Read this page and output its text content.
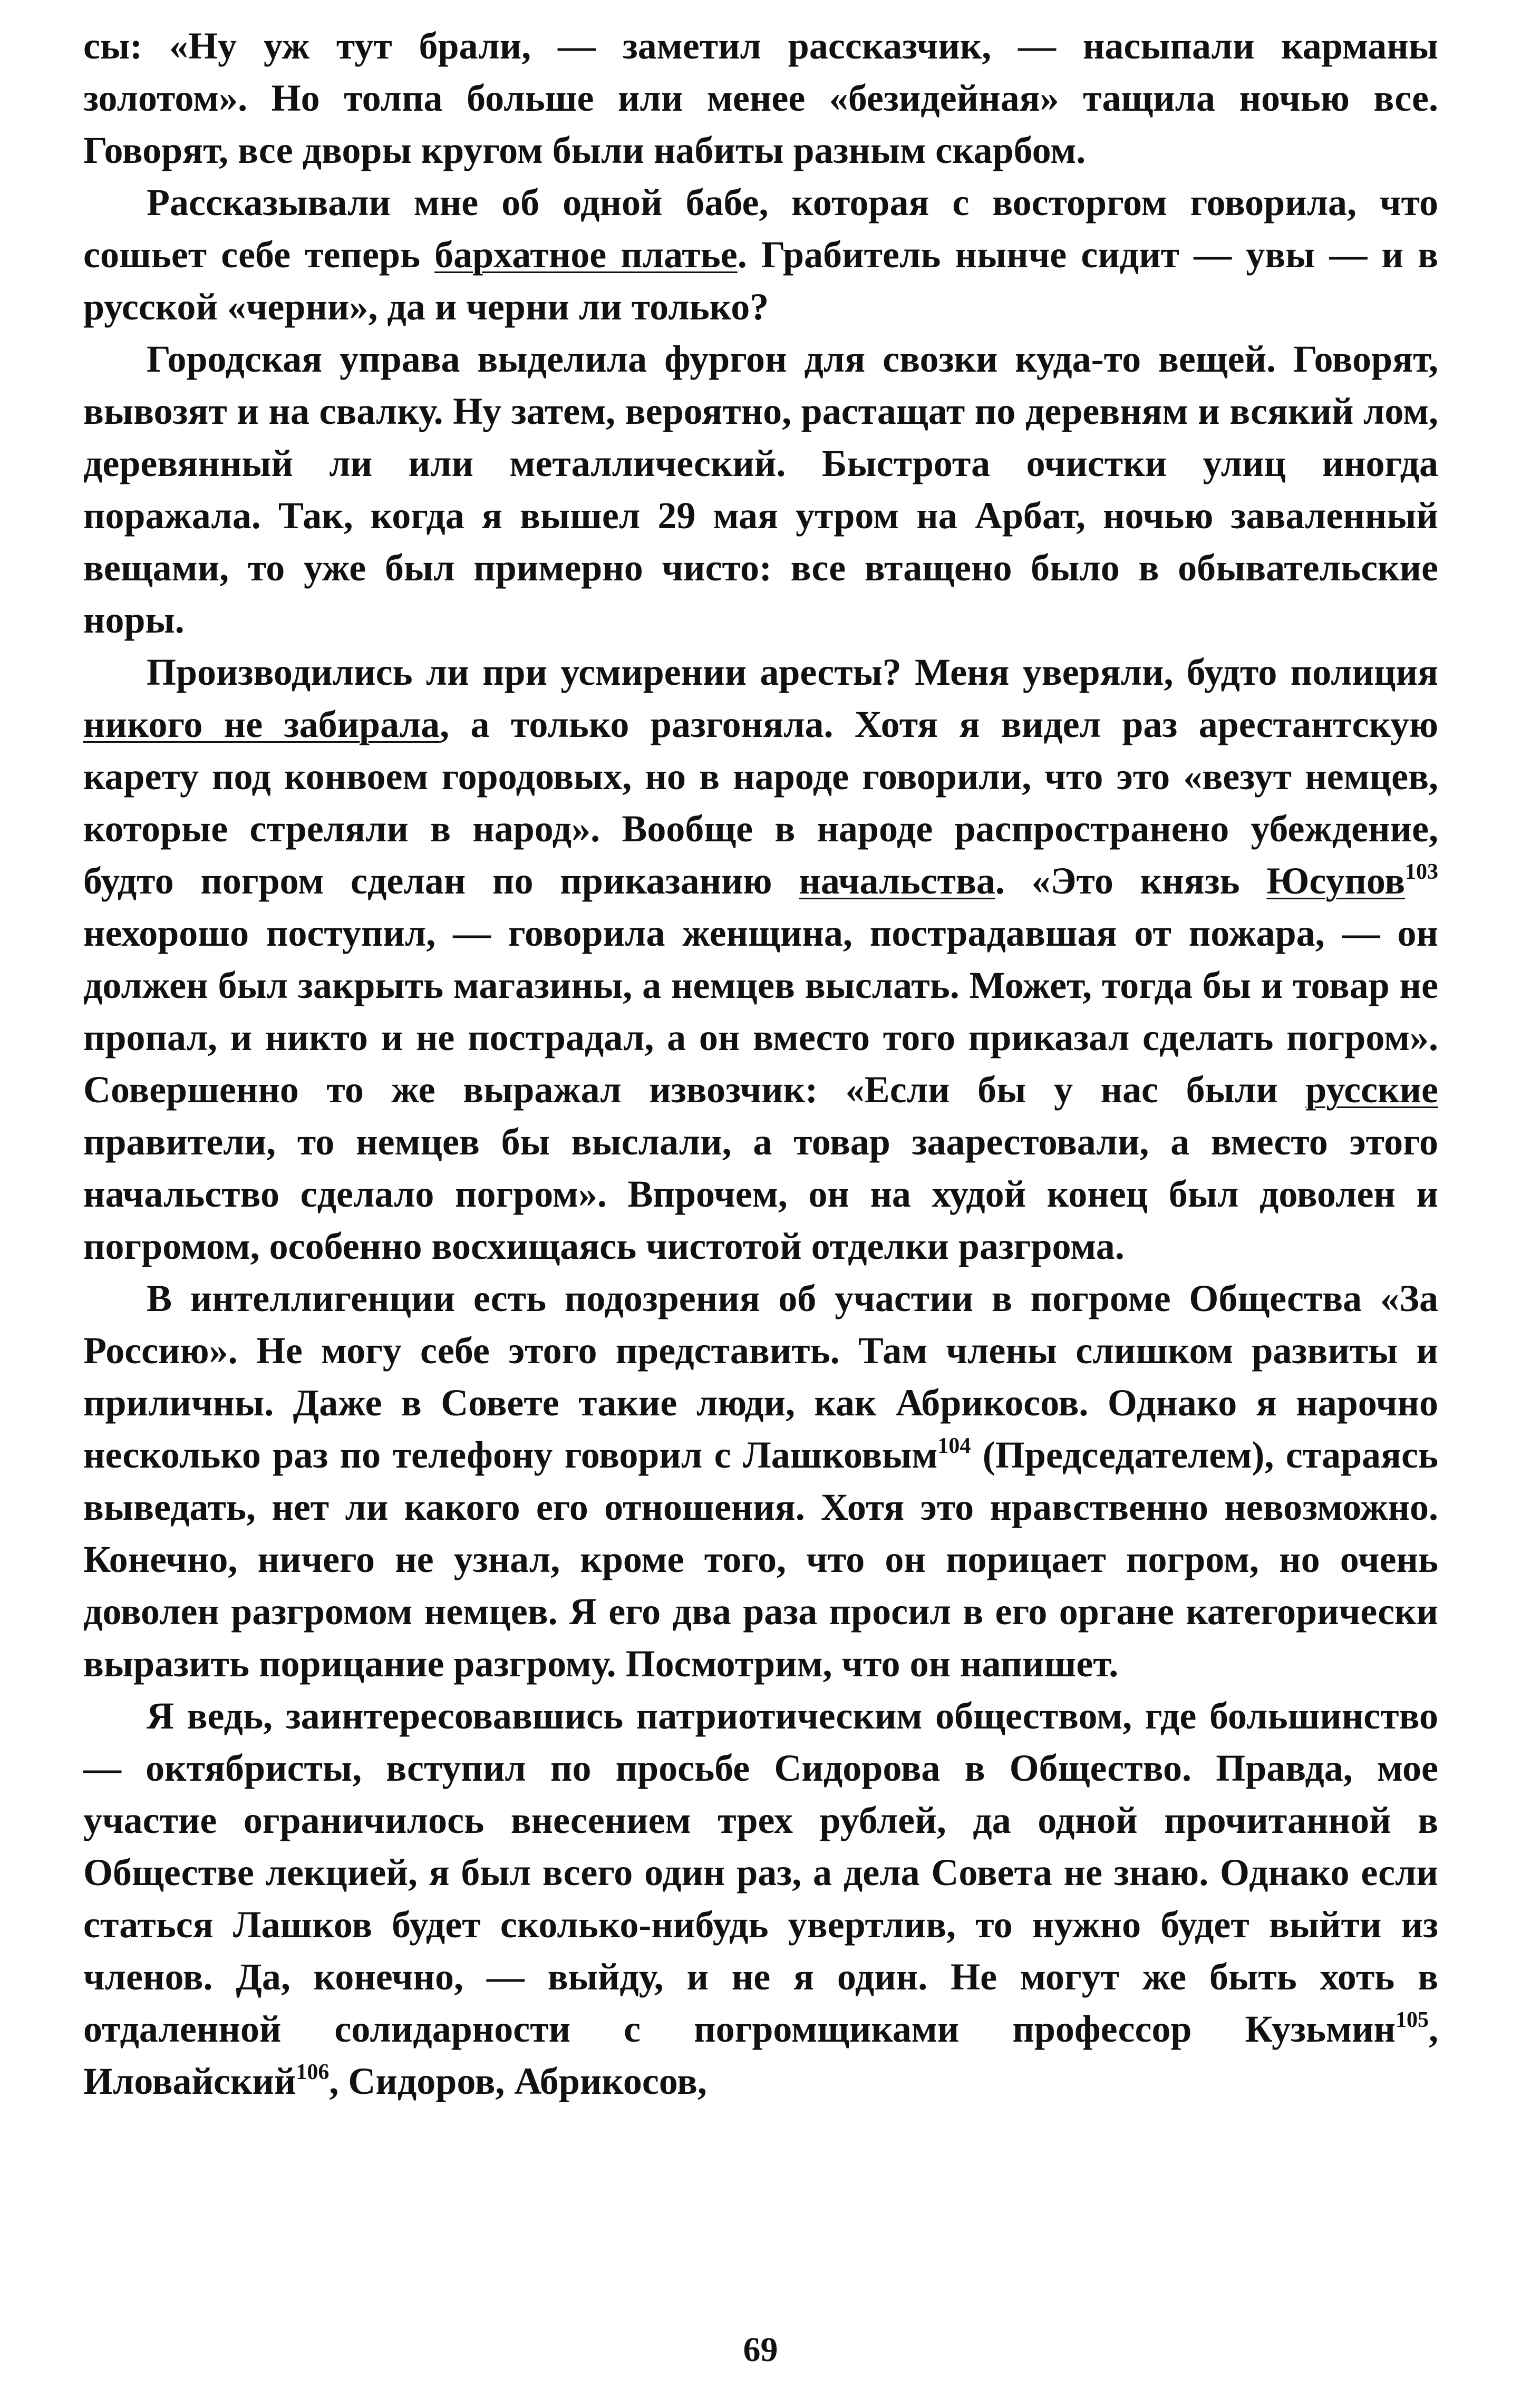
сы: «Ну уж тут брали, — заметил рассказчик, — насыпали карманы золотом». Но толпа больше или менее «безидейная» тащила ночью все. Говорят, все дворы кругом были набиты разным скарбом.

Рассказывали мне об одной бабе, которая с восторгом говорила, что сошьет себе теперь бархатное платье. Грабитель нынче сидит — увы — и в русской «черни», да и черни ли только?

Городская управа выделила фургон для свозки куда-то вещей. Говорят, вывозят и на свалку. Ну затем, вероятно, растащат по деревням и всякий лом, деревянный ли или металлический. Быстрота очистки улиц иногда поражала. Так, когда я вышел 29 мая утром на Арбат, ночью заваленный вещами, то уже был примерно чисто: все втащено было в обывательские норы.

Производились ли при усмирении аресты? Меня уверяли, будто полиция никого не забирала, а только разгоняла. Хотя я видел раз арестантскую карету под конвоем городовых, но в народе говорили, что это «везут немцев, которые стреляли в народ». Вообще в народе распространено убеждение, будто погром сделан по приказанию начальства. «Это князь Юсупов$^{103}$ нехорошо поступил, — говорила женщина, пострадавшая от пожара, — он должен был закрыть магазины, а немцев выслать. Может, тогда бы и товар не пропал, и никто и не пострадал, а он вместо того приказал сделать погром». Совершенно то же выражал извозчик: «Если бы у нас были русские правители, то немцев бы выслали, а товар заарестовали, а вместо этого начальство сделало погром». Впрочем, он на худой конец был доволен и погромом, особенно восхищаясь чистотой отделки разгрома.

В интеллигенции есть подозрения об участии в погроме Общества «За Россию». Не могу себе этого представить. Там члены слишком развиты и приличны. Даже в Совете такие люди, как Абрикосов. Однако я нарочно несколько раз по телефону говорил с Лашковым$^{104}$ (Председателем), стараясь выведать, нет ли какого его отношения. Хотя это нравственно невозможно. Конечно, ничего не узнал, кроме того, что он порицает погром, но очень доволен разгромом немцев. Я его два раза просил в его органе категорически выразить порицание разгрому. Посмотрим, что он напишет.

Я ведь, заинтересовавшись патриотическим обществом, где большинство — октябристы, вступил по просьбе Сидорова в Общество. Правда, мое участие ограничилось внесением трех рублей, да одной прочитанной в Обществе лекцией, я был всего один раз, а дела Совета не знаю. Однако если статься Лашков будет сколько-нибудь увертлив, то нужно будет выйти из членов. Да, конечно, — выйду, и не я один. Не могут же быть хоть в отдаленной солидарности с погромщиками профессор Кузьмин$^{105}$, Иловайский$^{106}$, Сидоров, Абрикосов,

69
